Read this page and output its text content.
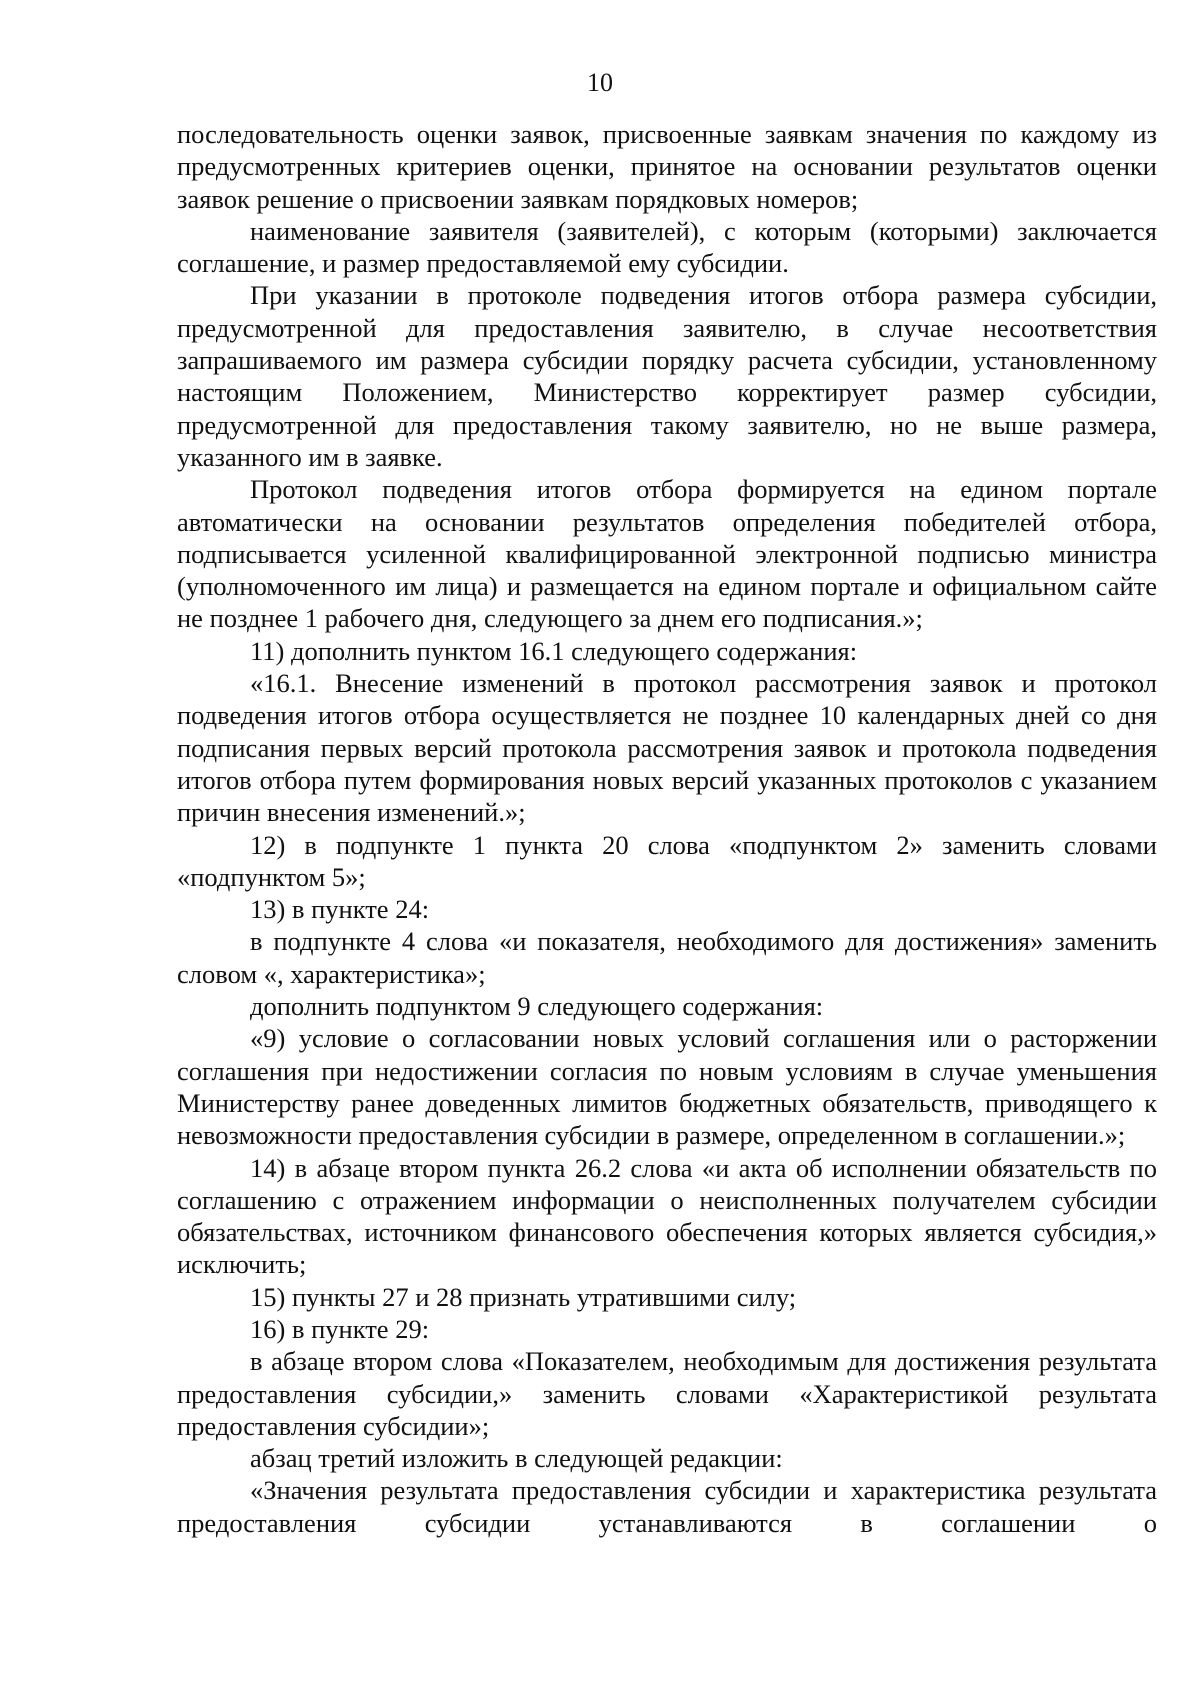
10

последовательность оценки заявок, присвоенные заявкам значения по каждому из предусмотренных критериев оценки, принятое на основании результатов оценки заявок решение о присвоении заявкам порядковых номеров;

наименование заявителя (заявителей), с которым (которыми) заключается соглашение, и размер предоставляемой ему субсидии.

При указании в протоколе подведения итогов отбора размера субсидии, предусмотренной для предоставления заявителю, в случае несоответствия запрашиваемого им размера субсидии порядку расчета субсидии, установленному настоящим Положением, Министерство корректирует размер субсидии, предусмотренной для предоставления такому заявителю, но не выше размера, указанного им в заявке.

Протокол подведения итогов отбора формируется на едином портале автоматически на основании результатов определения победителей отбора, подписывается усиленной квалифицированной электронной подписью министра (уполномоченного им лица) и размещается на едином портале и официальном сайте не позднее 1 рабочего дня, следующего за днем его подписания.»;

11) дополнить пунктом 16.1 следующего содержания:

«16.1. Внесение изменений в протокол рассмотрения заявок и протокол подведения итогов отбора осуществляется не позднее 10 календарных дней со дня подписания первых версий протокола рассмотрения заявок и протокола подведения итогов отбора путем формирования новых версий указанных протоколов с указанием причин внесения изменений.»;

12) в подпункте 1 пункта 20 слова «подпунктом 2» заменить словами «подпунктом 5»;

13) в пункте 24:

в подпункте 4 слова «и показателя, необходимого для достижения» заменить словом «, характеристика»;

дополнить подпунктом 9 следующего содержания:

«9) условие о согласовании новых условий соглашения или о расторжении соглашения при недостижении согласия по новым условиям в случае уменьшения Министерству ранее доведенных лимитов бюджетных обязательств, приводящего к невозможности предоставления субсидии в размере, определенном в соглашении.»;

14) в абзаце втором пункта 26.2 слова «и акта об исполнении обязательств по соглашению с отражением информации о неисполненных получателем субсидии обязательствах, источником финансового обеспечения которых является субсидия,» исключить;

15) пункты 27 и 28 признать утратившими силу;

16) в пункте 29:

в абзаце втором слова «Показателем, необходимым для достижения результата предоставления субсидии,» заменить словами «Характеристикой результата предоставления субсидии»;

абзац третий изложить в следующей редакции:

«Значения результата предоставления субсидии и характеристика результата предоставления субсидии устанавливаются в соглашении о
